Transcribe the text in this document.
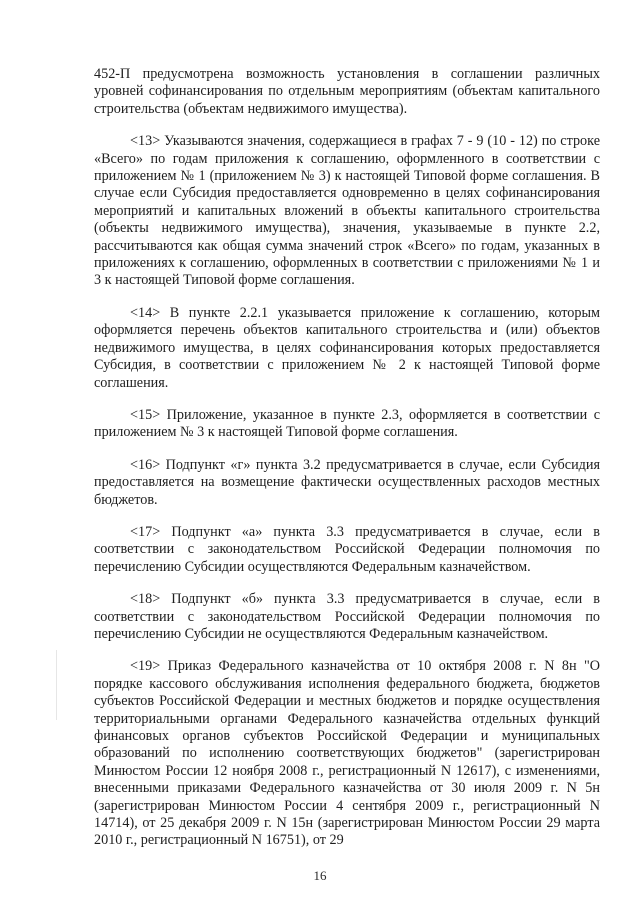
452-П предусмотрена возможность установления в соглашении различных уровней софинансирования по отдельным мероприятиям (объектам капитального строительства (объектам недвижимого имущества).

<13> Указываются значения, содержащиеся в графах 7 - 9 (10 - 12) по строке «Всего» по годам приложения к соглашению, оформленного в соответствии с приложением № 1 (приложением № 3) к настоящей Типовой форме соглашения. В случае если Субсидия предоставляется одновременно в целях софинансирования мероприятий и капитальных вложений в объекты капитального строительства (объекты недвижимого имущества), значения, указываемые в пункте 2.2, рассчитываются как общая сумма значений строк «Всего» по годам, указанных в приложениях к соглашению, оформленных в соответствии с приложениями № 1 и 3 к настоящей Типовой форме соглашения.

<14> В пункте 2.2.1 указывается приложение к соглашению, которым оформляется перечень объектов капитального строительства и (или) объектов недвижимого имущества, в целях софинансирования которых предоставляется Субсидия, в соответствии с приложением № 2 к настоящей Типовой форме соглашения.

<15> Приложение, указанное в пункте 2.3, оформляется в соответствии с приложением № 3 к настоящей Типовой форме соглашения.

<16> Подпункт «г» пункта 3.2 предусматривается в случае, если Субсидия предоставляется на возмещение фактически осуществленных расходов местных бюджетов.

<17> Подпункт «а» пункта 3.3 предусматривается в случае, если в соответствии с законодательством Российской Федерации полномочия по перечислению Субсидии осуществляются Федеральным казначейством.

<18> Подпункт «б» пункта 3.3 предусматривается в случае, если в соответствии с законодательством Российской Федерации полномочия по перечислению Субсидии не осуществляются Федеральным казначейством.

<19> Приказ Федерального казначейства от 10 октября 2008 г. N 8н "О порядке кассового обслуживания исполнения федерального бюджета, бюджетов субъектов Российской Федерации и местных бюджетов и порядке осуществления территориальными органами Федерального казначейства отдельных функций финансовых органов субъектов Российской Федерации и муниципальных образований по исполнению соответствующих бюджетов" (зарегистрирован Минюстом России 12 ноября 2008 г., регистрационный N 12617), с изменениями, внесенными приказами Федерального казначейства от 30 июля 2009 г. N 5н (зарегистрирован Минюстом России 4 сентября 2009 г., регистрационный N 14714), от 25 декабря 2009 г. N 15н (зарегистрирован Минюстом России 29 марта 2010 г., регистрационный N 16751), от 29

16
